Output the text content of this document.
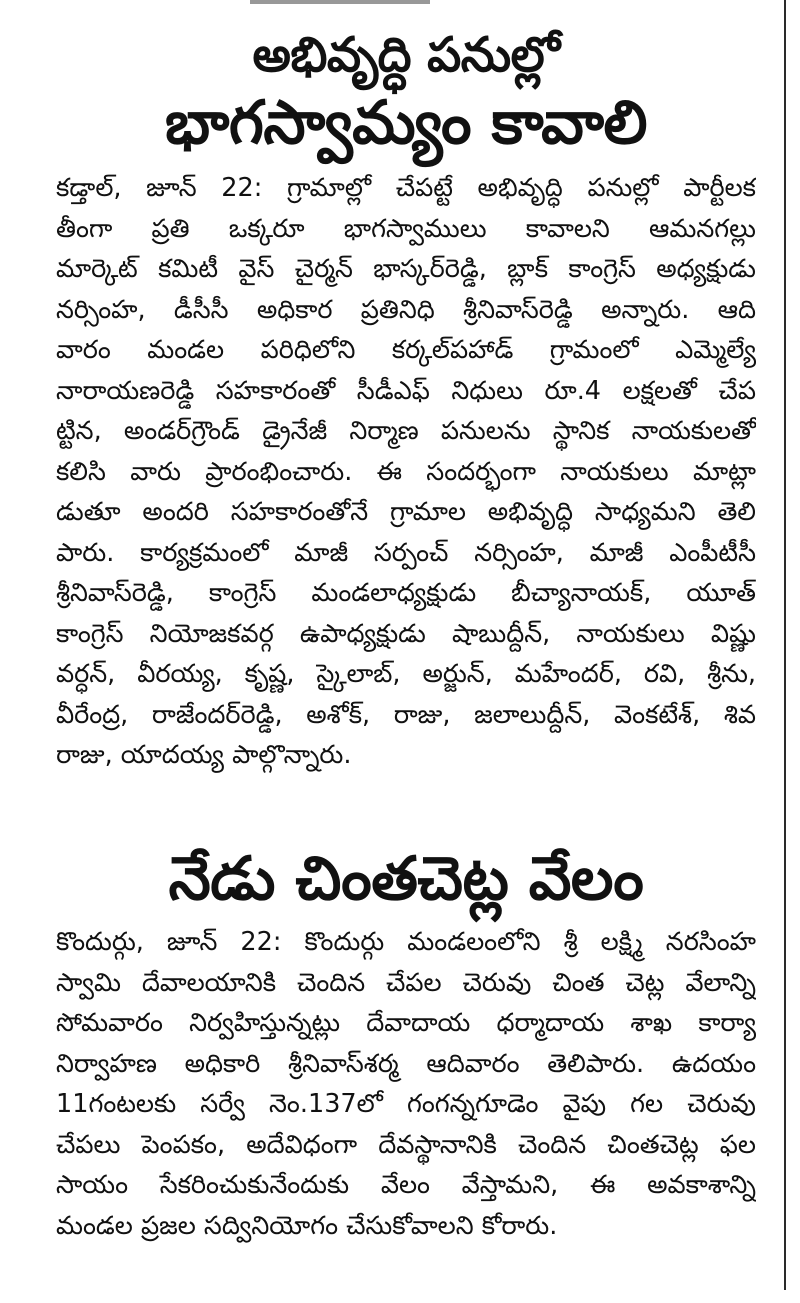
అభివృద్ధి పనుల్లో
భాగస్వామ్యం కావాలి
కడ్తాల్, జూన్ 22: గ్రామాల్లో చేపట్టే అభివృద్ధి పనుల్లో పార్టీలక
తీంగా ప్రతి ఒక్కరూ భాగస్వాములు కావాలని ఆమనగల్లు
మార్కెట్ కమిటీ వైస్ చైర్మన్ భాస్కర్‌రెడ్డి, బ్లాక్ కాంగ్రెస్ అధ్యక్షుడు
నర్సింహ, డీసీసీ అధికార ప్రతినిధి శ్రీనివాస్‌రెడ్డి అన్నారు. ఆది
వారం మండల పరిధిలోని కర్కల్‌పహాడ్ గ్రామంలో ఎమ్మెల్యే
నారాయణరెడ్డి సహకారంతో సీడీఎఫ్ నిధులు రూ.4 లక్షలతో చేప
ట్టిన, అండర్‌గ్రౌండ్ డ్రైనేజీ నిర్మాణ పనులను స్థానిక నాయకులతో
కలిసి వారు ప్రారంభించారు. ఈ సందర్భంగా నాయకులు మాట్లా
డుతూ అందరి సహకారంతోనే గ్రామాల అభివృద్ధి సాధ్యమని తెలి
పారు. కార్యక్రమంలో మాజీ సర్పంచ్ నర్సింహ, మాజీ ఎంపీటీసీ
శ్రీనివాస్‌రెడ్డి, కాంగ్రెస్ మండలాధ్యక్షుడు బీచ్యానాయక్, యూత్
కాంగ్రెస్ నియోజకవర్గ ఉపాధ్యక్షుడు షాబుద్దీన్, నాయకులు విష్ణు
వర్ధన్, వీరయ్య, కృష్ణ, స్కైలాబ్, అర్జున్, మహేందర్, రవి, శ్రీను,
వీరేంద్ర, రాజేందర్‌రెడ్డి, అశోక్, రాజు, జలాలుద్దీన్, వెంకటేశ్, శివ
రాజు, యాదయ్య పాల్గొన్నారు.
నేడు చింతచెట్ల వేలం
కొందుర్గు, జూన్ 22: కొందుర్గు మండలంలోని శ్రీ లక్ష్మి నరసింహ
స్వామి దేవాలయానికి చెందిన చేపల చెరువు చింత చెట్ల వేలాన్ని
సోమవారం నిర్వహిస్తున్నట్లు దేవాదాయ ధర్మాదాయ శాఖ కార్యా
నిర్వాహణ అధికారి శ్రీనివాస్‌శర్మ ఆదివారం తెలిపారు. ఉదయం
11గంటలకు సర్వే నెం.137లో గంగన్నగూడెం వైపు గల చెరువు
చేపలు పెంపకం, అదేవిధంగా దేవస్థానానికి చెందిన చింతచెట్ల ఫల
సాయం సేకరించుకునేందుకు వేలం వేస్తామని, ఈ అవకాశాన్ని
మండల ప్రజల సద్వినియోగం చేసుకోవాలని కోరారు.
